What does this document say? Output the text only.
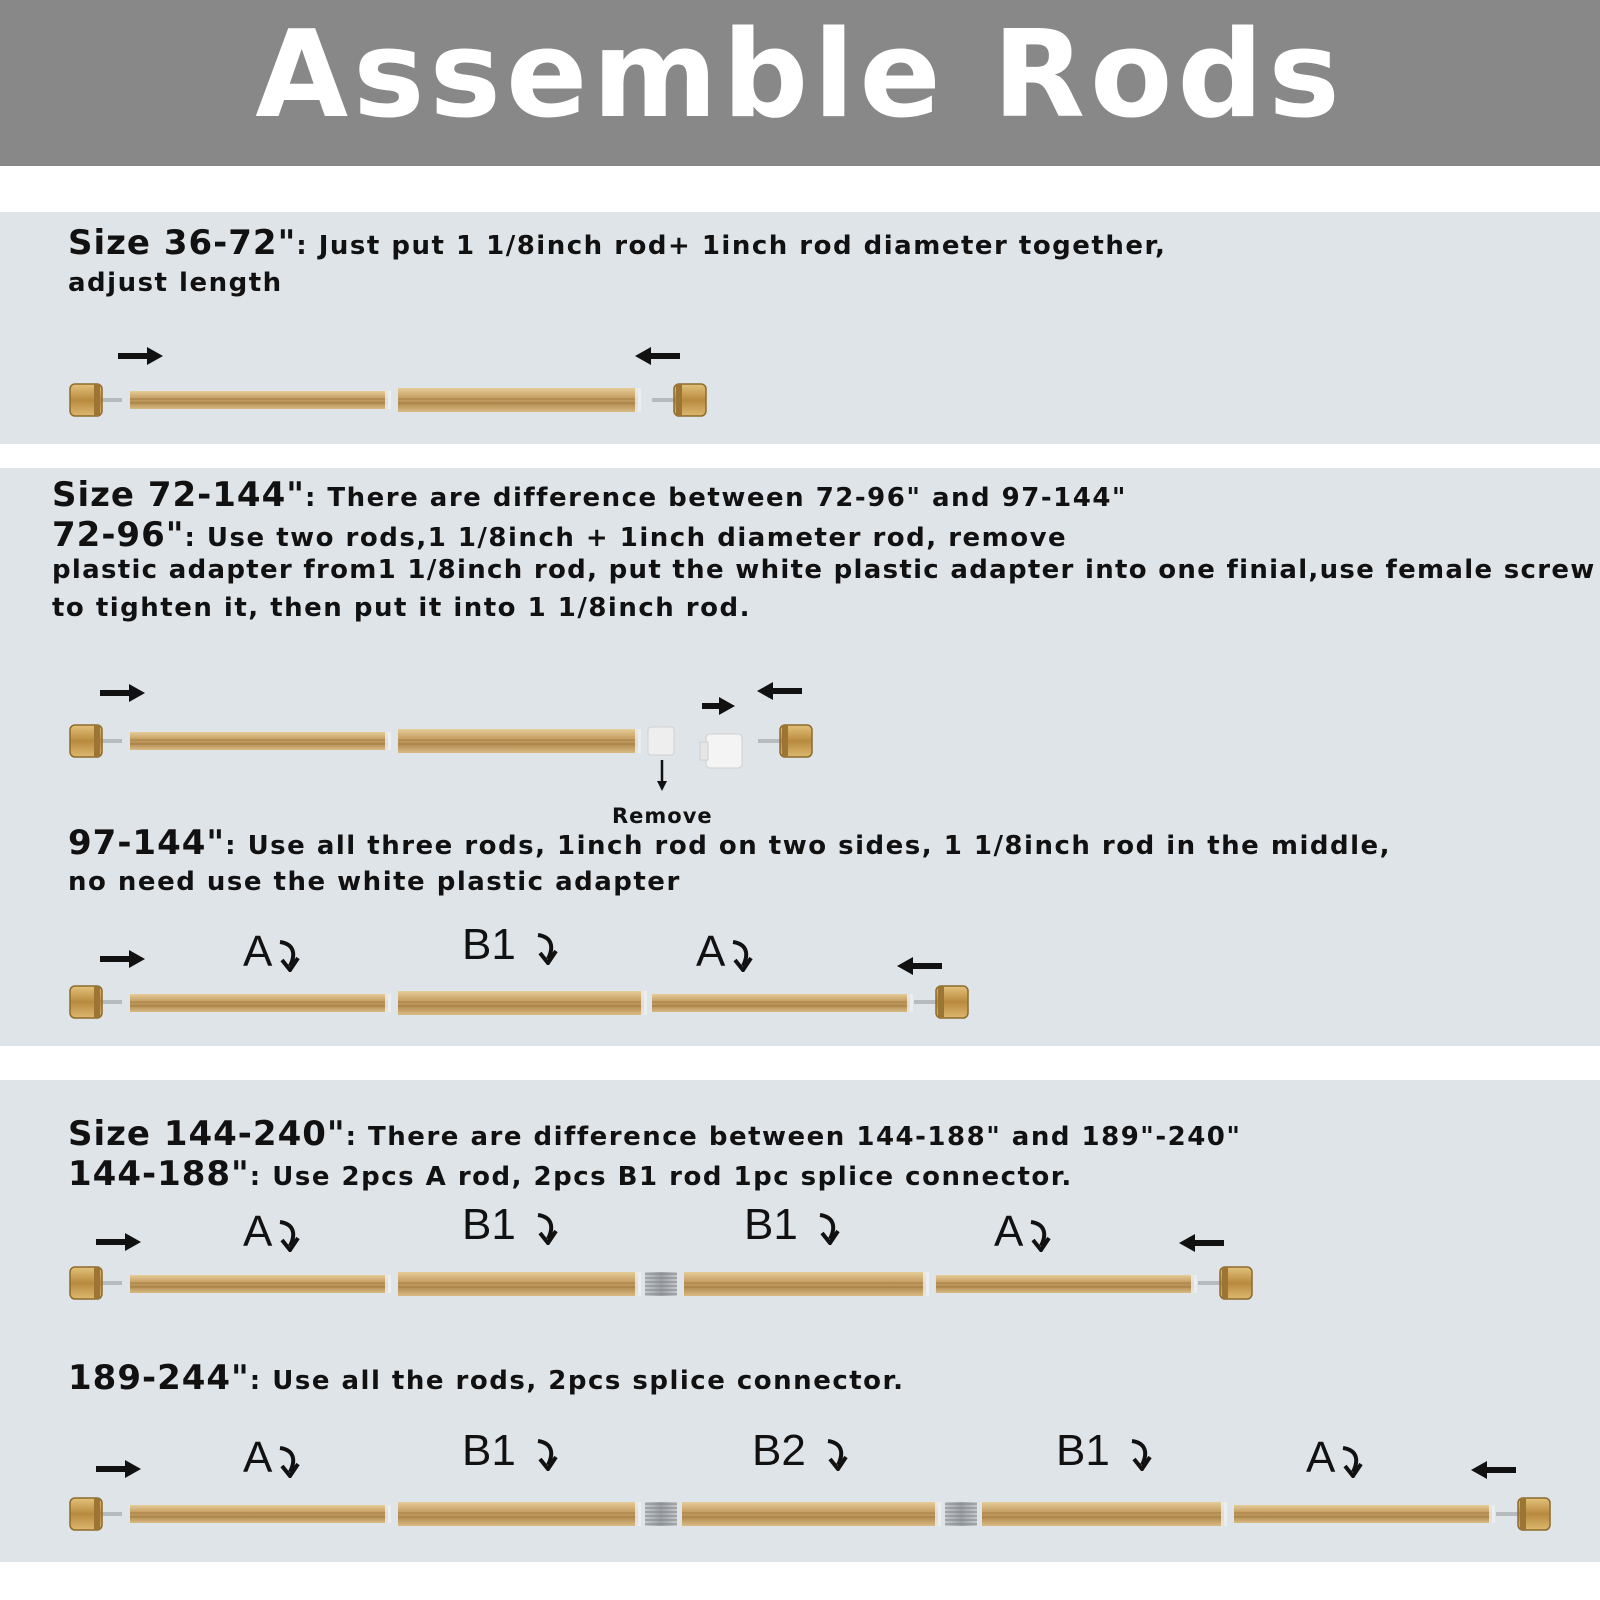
Assemble Rods
Size 36-72": Just put 1 1/8inch rod+ 1inch rod diameter together,
adjust length
Size 72-144": There are difference between 72-96" and 97-144"
72-96": Use two rods,1 1/8inch + 1inch diameter rod, remove
plastic adapter from1 1/8inch rod, put the white plastic adapter into one finial,use female screw
to tighten it, then put it into 1 1/8inch rod.
Remove
97-144": Use all three rods, 1inch rod on two sides, 1 1/8inch rod in the middle,
no need use the white plastic adapter
Size 144-240": There are difference between 144-188" and 189"-240"
144-188": Use 2pcs A rod, 2pcs B1 rod 1pc splice connector.
189-244": Use all the rods, 2pcs splice connector.
A	B1	A
A	B1	B1	A
A	B1	B2	B1	A
